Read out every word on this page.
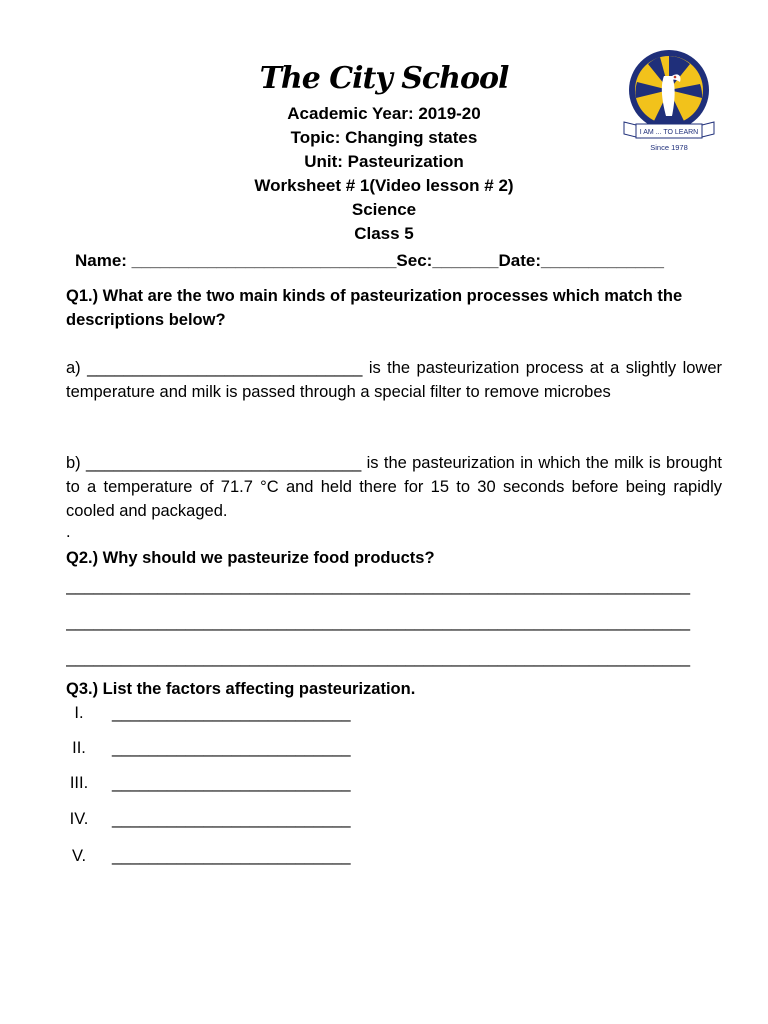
The City School
Academic Year: 2019-20
Topic: Changing states
Unit: Pasteurization
Worksheet # 1(Video lesson # 2)
Science
Class 5
I AM ... TO LEARN
Since 1978
Name: ____________________________Sec:_______Date:_____________
Q1.) What are the two main kinds of pasteurization processes which match the descriptions below?
a) ______________________________ is the pasteurization process at a slightly lower temperature and milk is passed through a special filter to remove microbes
b) ______________________________ is the pasteurization in which the milk is brought to a temperature of 71.7 °C and held there for 15 to 30 seconds before being rapidly cooled and packaged.
.
Q2.) Why should we pasteurize food products?
____________________________________________________________________
____________________________________________________________________
____________________________________________________________________
Q3.) List the factors affecting pasteurization.
I. __________________________
II. __________________________
III. __________________________
IV. __________________________
V. __________________________
